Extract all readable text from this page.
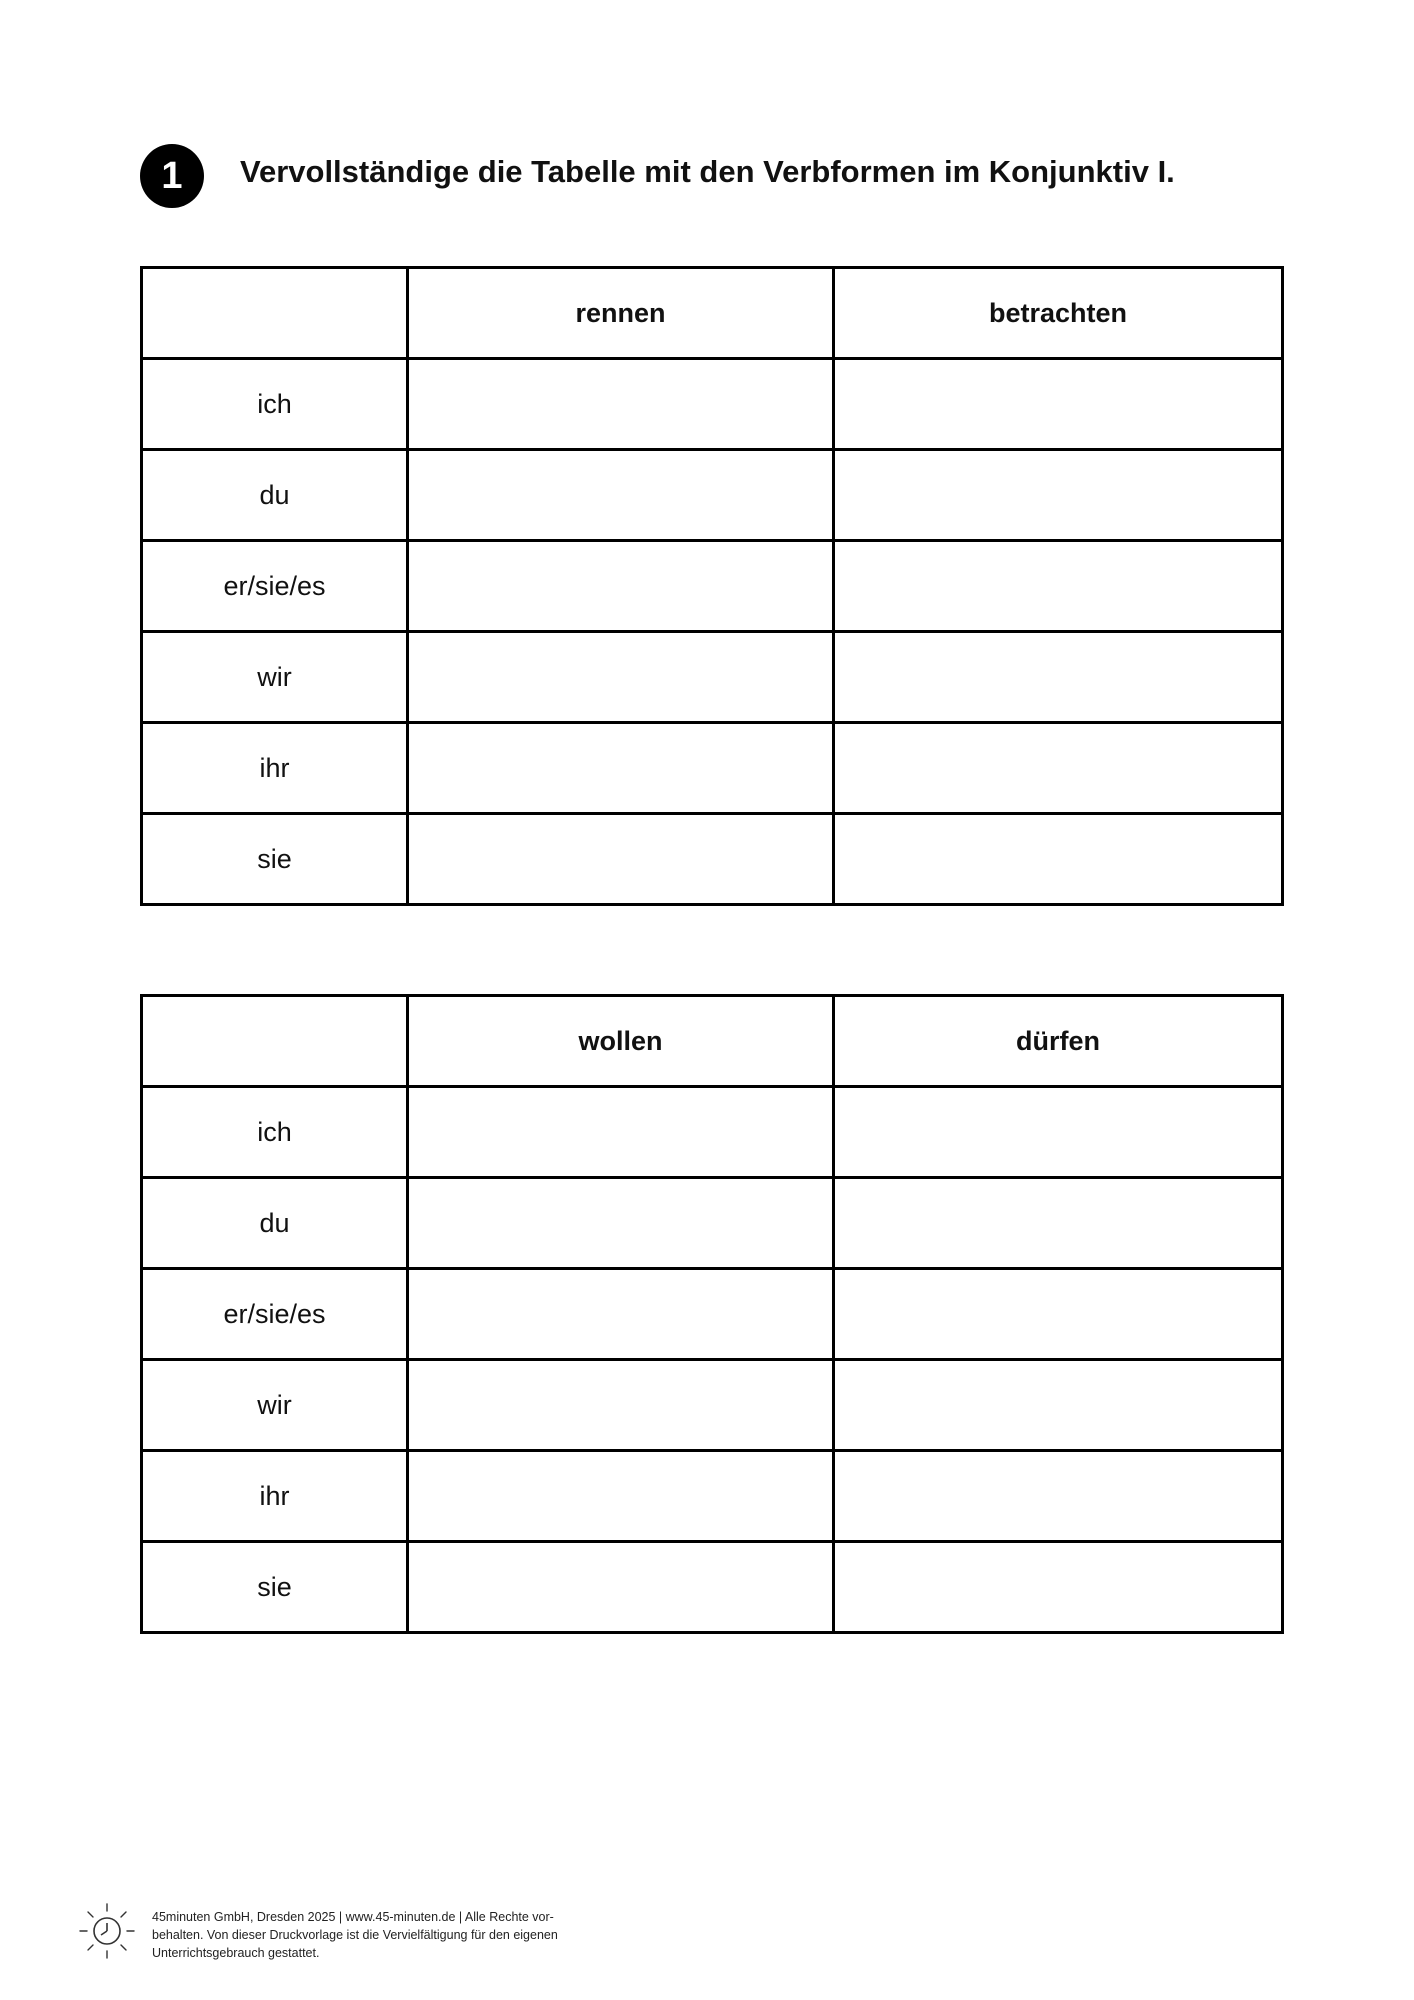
1	Vervollständige die Tabelle mit den Verbformen im Konjunktiv I.
	rennen	betrachten
ich		
du		
er/sie/es		
wir		
ihr		
sie		
	wollen	dürfen
ich		
du		
er/sie/es		
wir		
ihr		
sie		
45minuten GmbH, Dresden 2025 | www.45-minuten.de | Alle Rechte vor-
behalten. Von dieser Druckvorlage ist die Vervielfältigung für den eigenen
Unterrichtsgebrauch gestattet.
